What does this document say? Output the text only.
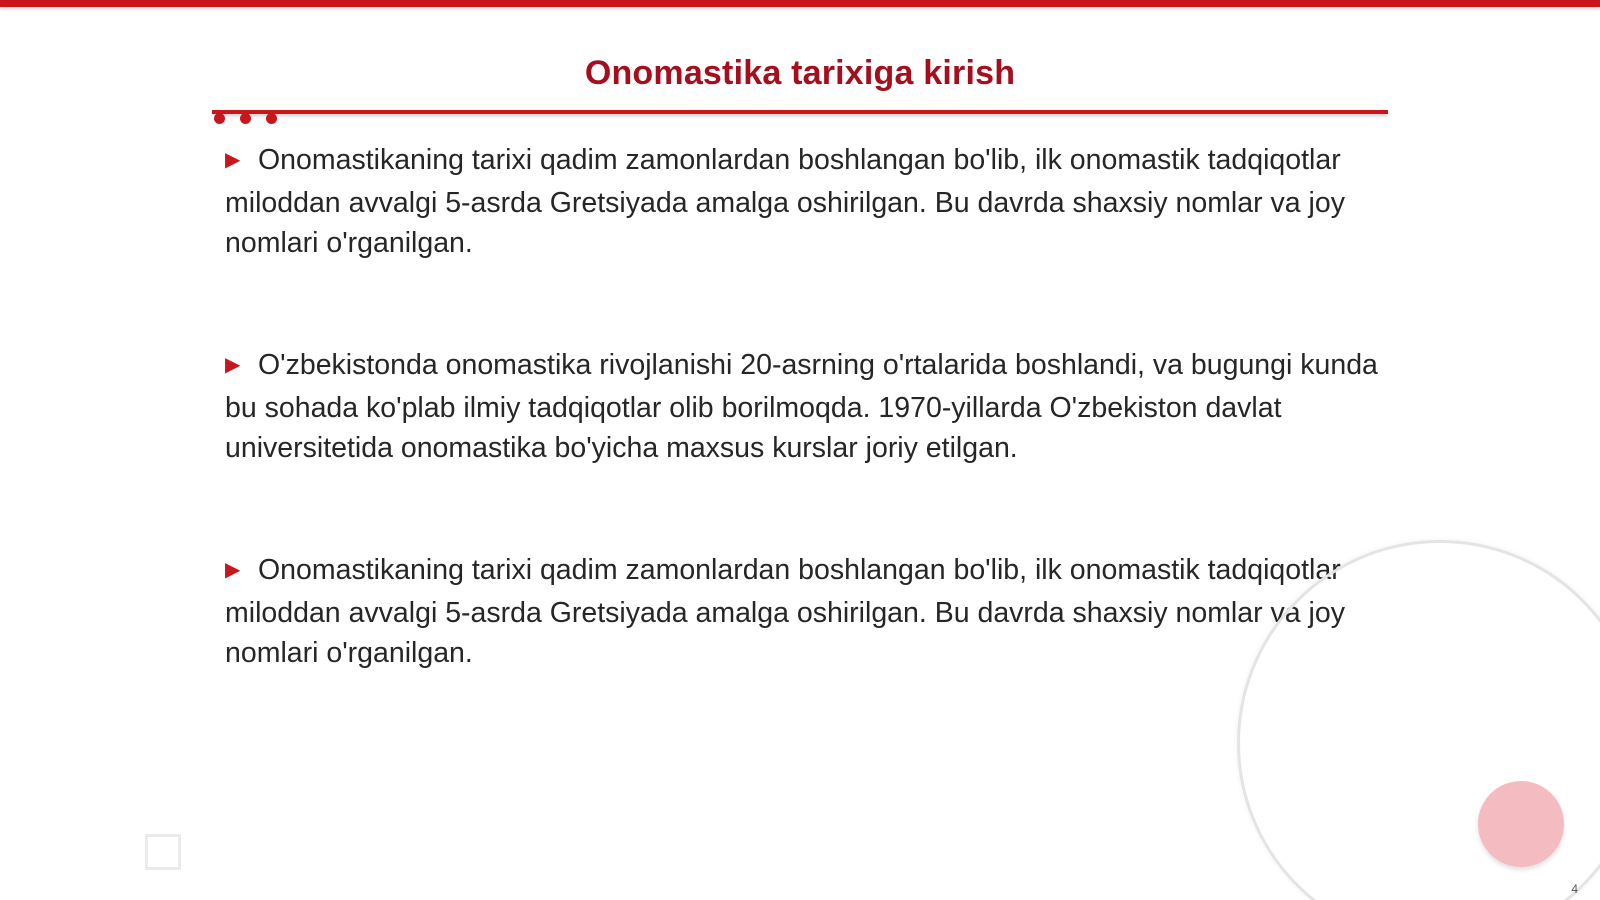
Onomastika tarixiga kirish

▶ Onomastikaning tarixi qadim zamonlardan boshlangan bo'lib, ilk onomastik tadqiqotlar miloddan avvalgi 5-asrda Gretsiyada amalga oshirilgan. Bu davrda shaxsiy nomlar va joy nomlari o'rganilgan.

▶ O'zbekistonda onomastika rivojlanishi 20-asrning o'rtalarida boshlandi, va bugungi kunda bu sohada ko'plab ilmiy tadqiqotlar olib borilmoqda. 1970-yillarda O'zbekiston davlat universitetida onomastika bo'yicha maxsus kurslar joriy etilgan.

▶ Onomastikaning tarixi qadim zamonlardan boshlangan bo'lib, ilk onomastik tadqiqotlar miloddan avvalgi 5-asrda Gretsiyada amalga oshirilgan. Bu davrda shaxsiy nomlar va joy nomlari o'rganilgan.

4
